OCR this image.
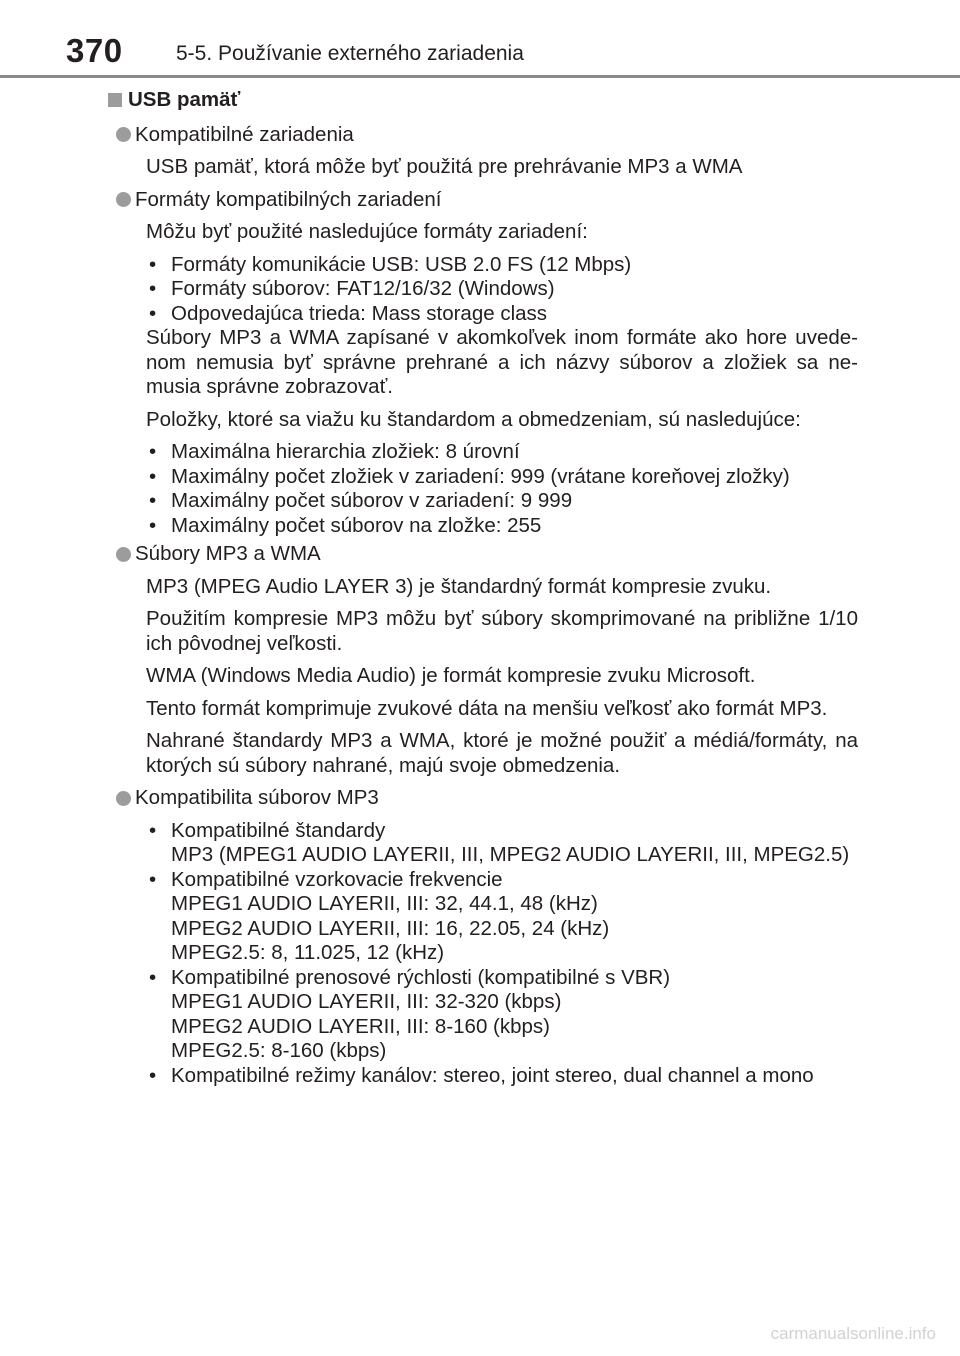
370	5-5. Používanie externého zariadenia
USB pamäť
Kompatibilné zariadenia

USB pamäť, ktorá môže byť použitá pre prehrávanie MP3 a WMA

Formáty kompatibilných zariadení

Môžu byť použité nasledujúce formáty zariadení:

• Formáty komunikácie USB: USB 2.0 FS (12 Mbps)
• Formáty súborov: FAT12/16/32 (Windows)
• Odpovedajúca trieda: Mass storage class

Súbory MP3 a WMA zapísané v akomkoľvek inom formáte ako hore uvede- nom nemusia byť správne prehrané a ich názvy súborov a zložiek sa ne- musia správne zobrazovať.

Položky, ktoré sa viažu ku štandardom a obmedzeniam, sú nasledujúce:

• Maximálna hierarchia zložiek: 8 úrovní
• Maximálny počet zložiek v zariadení: 999 (vrátane koreňovej zložky)
• Maximálny počet súborov v zariadení: 9 999
• Maximálny počet súborov na zložke: 255
Súbory MP3 a WMA

MP3 (MPEG Audio LAYER 3) je štandardný formát kompresie zvuku.

Použitím kompresie MP3 môžu byť súbory skomprimované na približne 1/10 ich pôvodnej veľkosti.

WMA (Windows Media Audio) je formát kompresie zvuku Microsoft.

Tento formát komprimuje zvukové dáta na menšiu veľkosť ako formát MP3.

Nahrané štandardy MP3 a WMA, ktoré je možné použiť a médiá/formáty, na ktorých sú súbory nahrané, majú svoje obmedzenia.

Kompatibilita súborov MP3
• Kompatibilné štandardy
MP3 (MPEG1 AUDIO LAYERII, III, MPEG2 AUDIO LAYERII, III, MPEG2.5)
• Kompatibilné vzorkovacie frekvencie
MPEG1 AUDIO LAYERII, III: 32, 44.1, 48 (kHz)
MPEG2 AUDIO LAYERII, III: 16, 22.05, 24 (kHz)
MPEG2.5: 8, 11.025, 12 (kHz)
• Kompatibilné prenosové rýchlosti (kompatibilné s VBR)
MPEG1 AUDIO LAYERII, III: 32-320 (kbps)
MPEG2 AUDIO LAYERII, III: 8-160 (kbps)
MPEG2.5: 8-160 (kbps)
• Kompatibilné režimy kanálov: stereo, joint stereo, dual channel a mono
carmanualsonline.info
